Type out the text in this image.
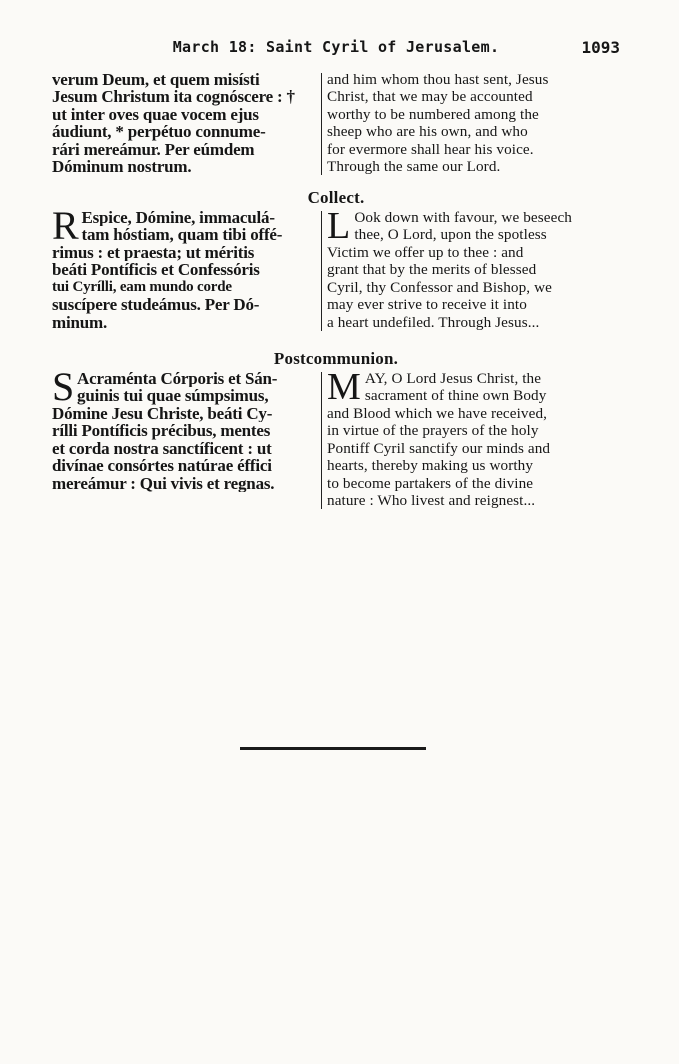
March 18: Saint Cyril of Jerusalem.	1093
verum Deum, et quem misísti
Jesum Christum ita cognóscere : †
ut inter oves quae vocem ejus
áudiunt, * perpétuo connume-
rári mereámur. Per eúmdem
Dóminum nostrum.
and him whom thou hast sent, Jesus
Christ, that we may be accounted
worthy to be numbered among the
sheep who are his own, and who
for evermore shall hear his voice.
Through the same our Lord.
Collect.
R Espice, Dómine, immaculá-
tam hóstiam, quam tibi offé-
rimus : et praesta; ut méritis
beáti Pontíficis et Confessóris
tui Cyrílli, eam mundo corde
suscípere studeámus. Per Dó-
minum.
L Ook down with favour, we beseech
thee, O Lord, upon the spotless
Victim we offer up to thee : and
grant that by the merits of blessed
Cyril, thy Confessor and Bishop, we
may ever strive to receive it into
a heart undefiled. Through Jesus...
Postcommunion.
S Acraménta Córporis et Sán-
guinis tui quae súmpsimus,
Dómine Jesu Christe, beáti Cy-
rílli Pontíficis précibus, mentes
et corda nostra sanctíficent : ut
divínae consórtes natúrae éffici
mereámur : Qui vivis et regnas.
M AY, O Lord Jesus Christ, the
sacrament of thine own Body
and Blood which we have received,
in virtue of the prayers of the holy
Pontiff Cyril sanctify our minds and
hearts, thereby making us worthy
to become partakers of the divine
nature : Who livest and reignest...
